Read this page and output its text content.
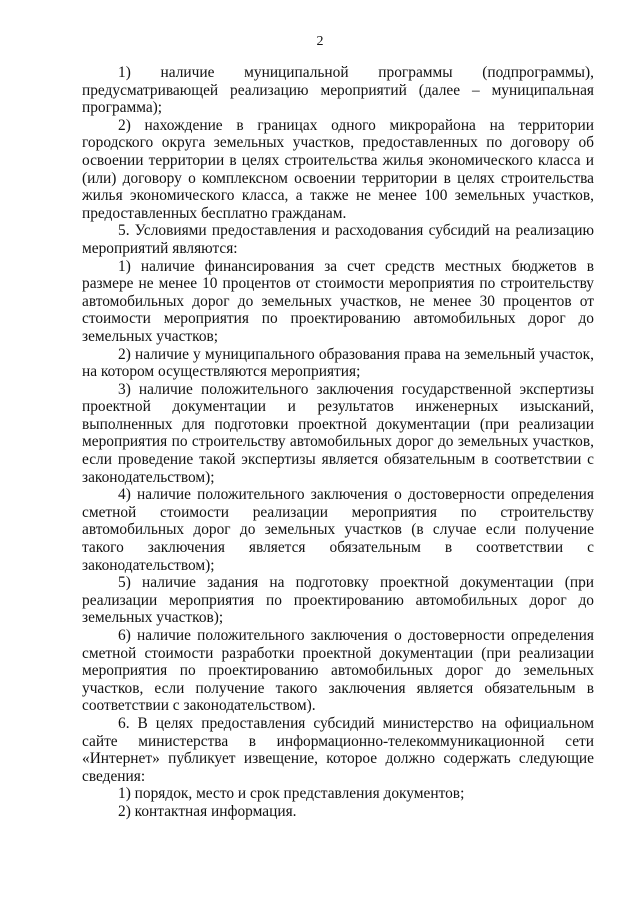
2

1) наличие муниципальной программы (подпрограммы), предусматривающей реализацию мероприятий (далее – муниципальная программа);

2) нахождение в границах одного микрорайона на территории городского округа земельных участков, предоставленных по договору об освоении территории в целях строительства жилья экономического класса и (или) договору о комплексном освоении территории в целях строительства жилья экономического класса, а также не менее 100 земельных участков, предоставленных бесплатно гражданам.

5. Условиями предоставления и расходования субсидий на реализацию мероприятий являются:

1) наличие финансирования за счет средств местных бюджетов в размере не менее 10 процентов от стоимости мероприятия по строительству автомобильных дорог до земельных участков, не менее 30 процентов от стоимости мероприятия по проектированию автомобильных дорог до земельных участков;

2) наличие у муниципального образования права на земельный участок, на котором осуществляются мероприятия;

3) наличие положительного заключения государственной экспертизы проектной документации и результатов инженерных изысканий, выполненных для подготовки проектной документации (при реализации мероприятия по строительству автомобильных дорог до земельных участков, если проведение такой экспертизы является обязательным в соответствии с законодательством);

4) наличие положительного заключения о достоверности определения сметной стоимости реализации мероприятия по строительству автомобильных дорог до земельных участков (в случае если получение такого заключения является обязательным в соответствии с законодательством);

5) наличие задания на подготовку проектной документации (при реализации мероприятия по проектированию автомобильных дорог до земельных участков);

6) наличие положительного заключения о достоверности определения сметной стоимости разработки проектной документации (при реализации мероприятия по проектированию автомобильных дорог до земельных участков, если получение такого заключения является обязательным в соответствии с законодательством).

6. В целях предоставления субсидий министерство на официальном сайте министерства в информационно-телекоммуникационной сети «Интернет» публикует извещение, которое должно содержать следующие сведения:

1) порядок, место и срок представления документов;

2) контактная информация.
